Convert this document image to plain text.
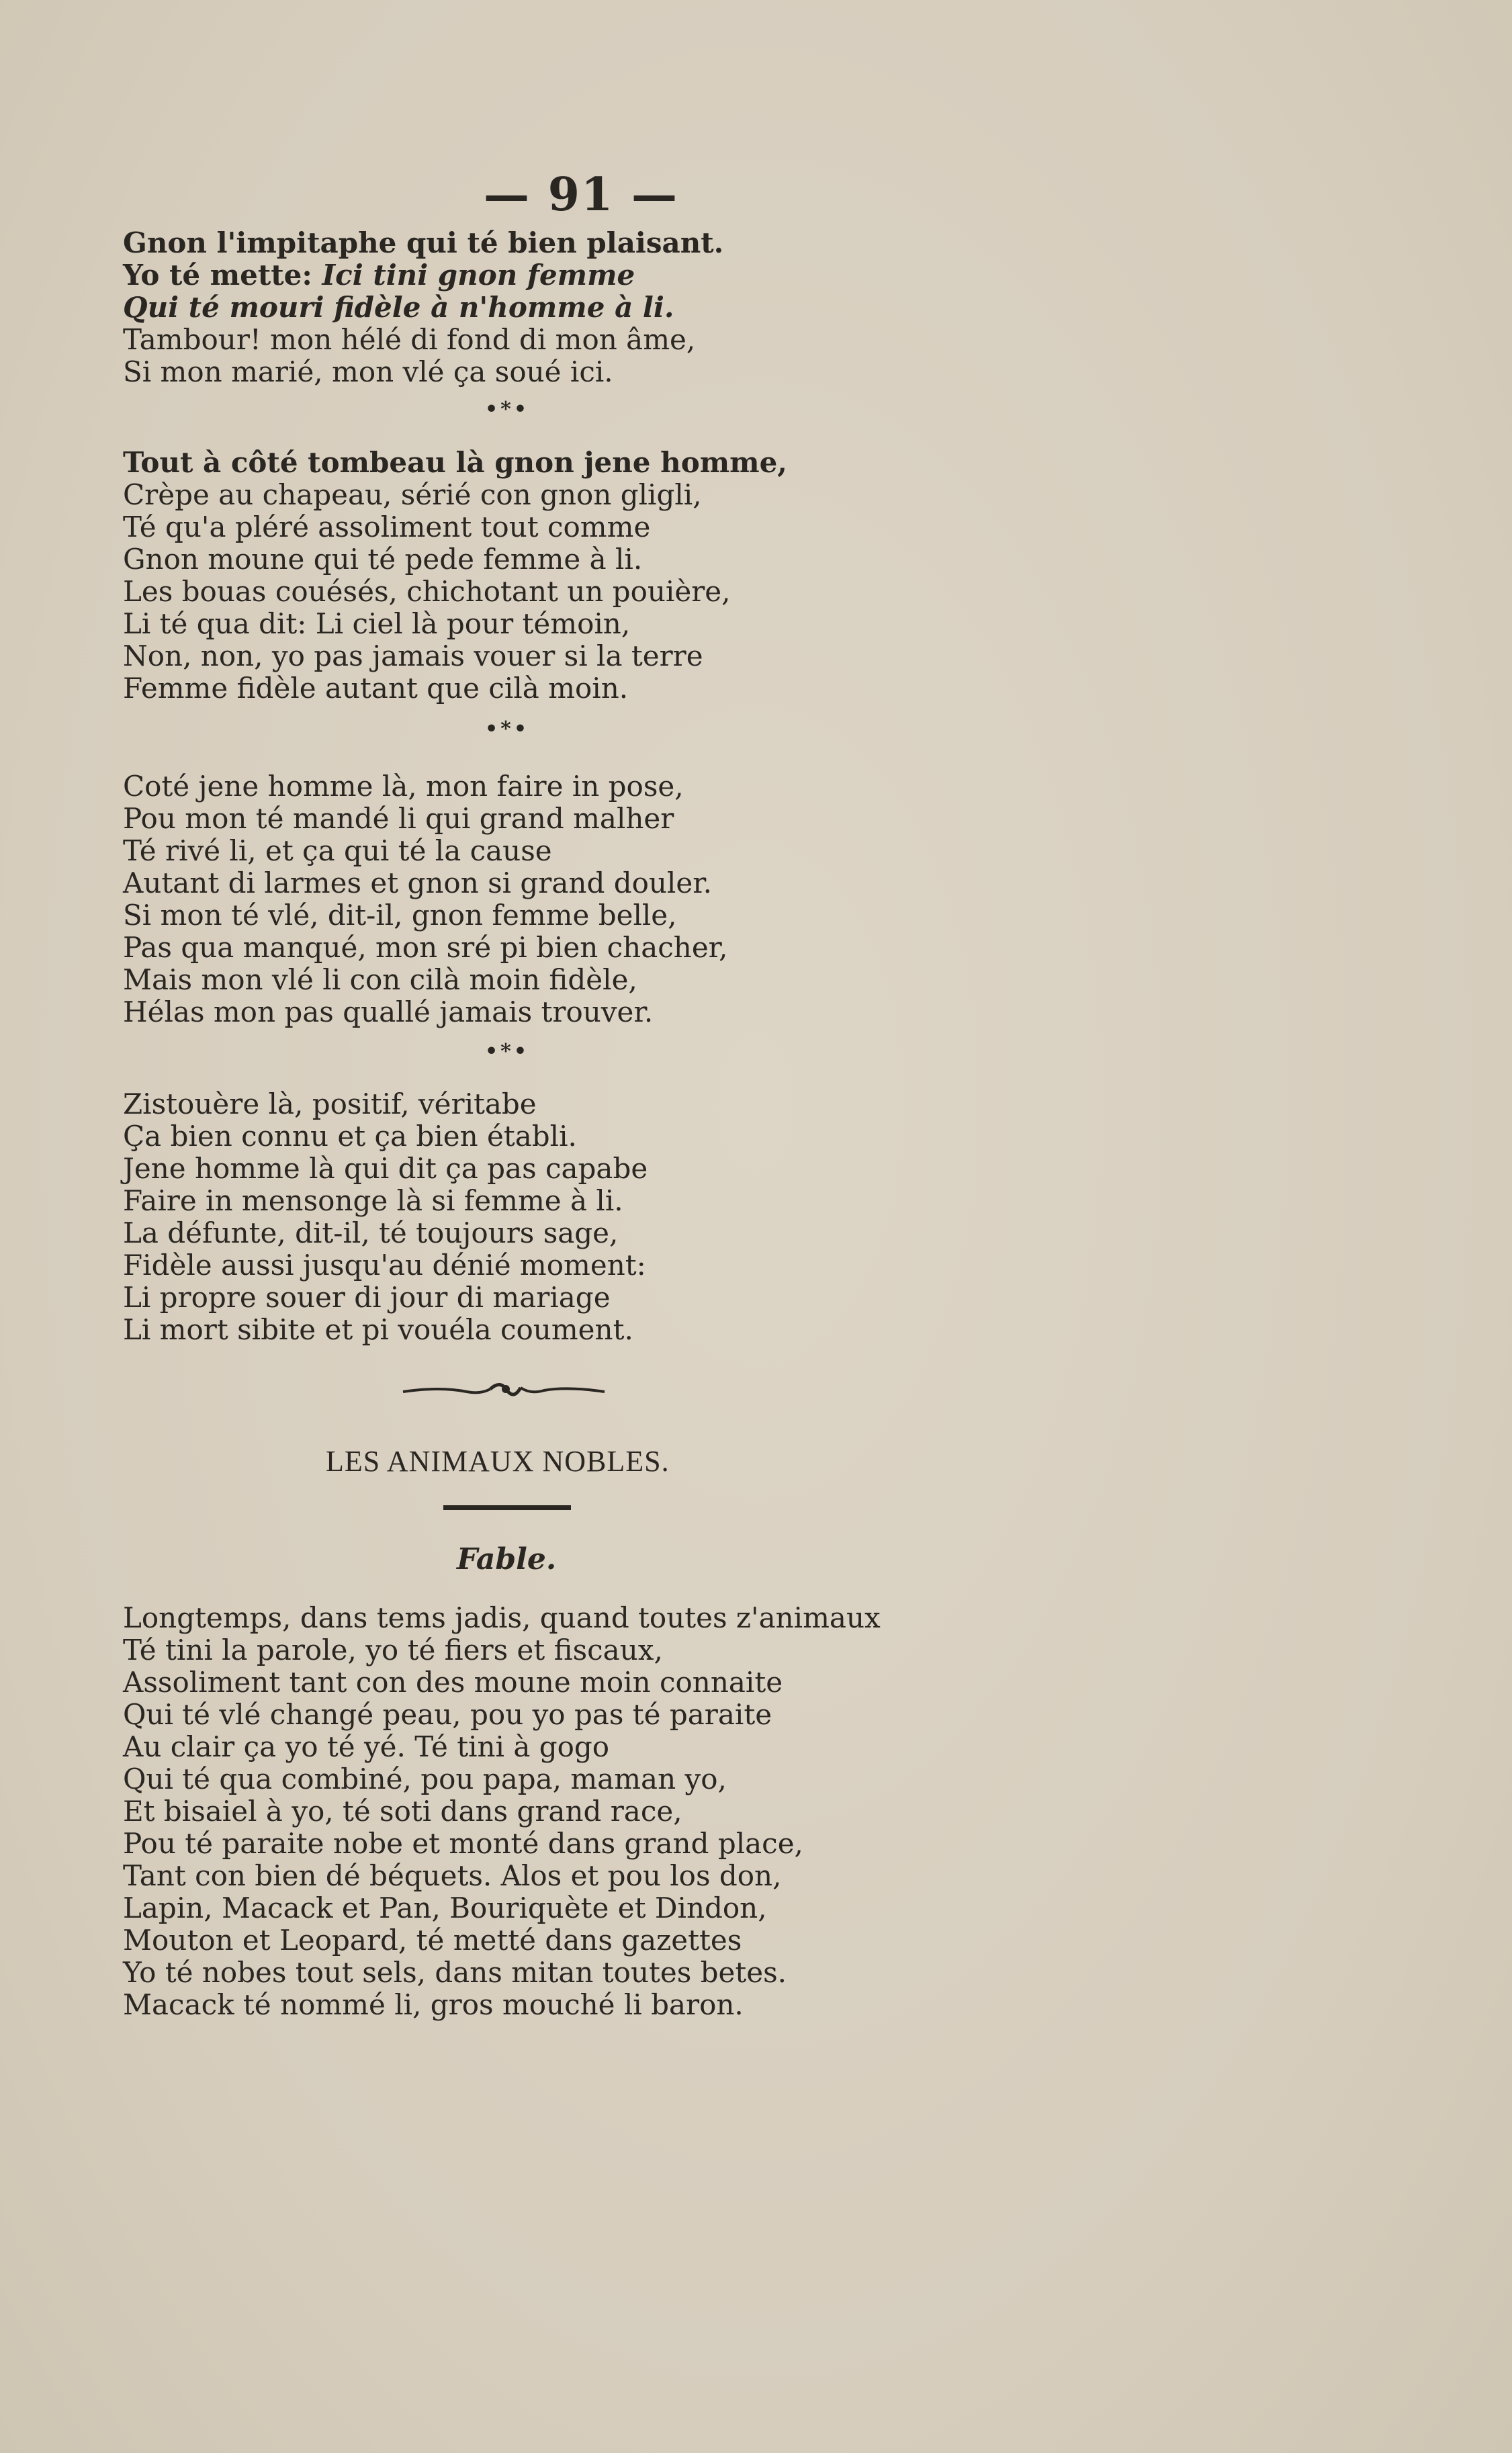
— 91 —

Gnon l'impitaphe qui té bien plaisant.

Yo té mette: Ici tini gnon femme

Qui té mouri fidèle à n'homme à li.

Tambour! mon hélé di fond di mon âme,

Si mon marié, mon vlé ça soué ici.

•*•

Tout à côté tombeau là gnon jene homme,

Crèpe au chapeau, sérié con gnon gligli,

Té qu'a pléré assoliment tout comme

Gnon moune qui té pede femme à li.

Les bouas couésés, chichotant un pouière,

Li té qua dit: Li ciel là pour témoin,

Non, non, yo pas jamais vouer si la terre

Femme fidèle autant que cilà moin.

•*•

Coté jene homme là, mon faire in pose,

Pou mon té mandé li qui grand malher

Té rivé li, et ça qui té la cause

Autant di larmes et gnon si grand douler.

Si mon té vlé, dit-il, gnon femme belle,

Pas qua manqué, mon sré pi bien chacher,

Mais mon vlé li con cilà moin fidèle,

Hélas mon pas quallé jamais trouver.

•*•

Zistouère là, positif, véritabe

Ça bien connu et ça bien établi.

Jene homme là qui dit ça pas capabe

Faire in mensonge là si femme à li.

La défunte, dit-il, té toujours sage,

Fidèle aussi jusqu'au dénié moment:

Li propre souer di jour di mariage

Li mort sibite et pi vouéla coument.

LES ANIMAUX NOBLES.
Fable.

Longtemps, dans tems jadis, quand toutes z'animaux

Té tini la parole, yo té fiers et fiscaux,

Assoliment tant con des moune moin connaite

Qui té vlé changé peau, pou yo pas té paraite

Au clair ça yo té yé. Té tini à gogo

Qui té qua combiné, pou papa, maman yo,

Et bisaiel à yo, té soti dans grand race,

Pou té paraite nobe et monté dans grand place,

Tant con bien dé béquets. Alos et pou los don,

Lapin, Macack et Pan, Bouriquète et Dindon,

Mouton et Leopard, té metté dans gazettes

Yo té nobes tout sels, dans mitan toutes betes.

Macack té nommé li, gros mouché li baron.
